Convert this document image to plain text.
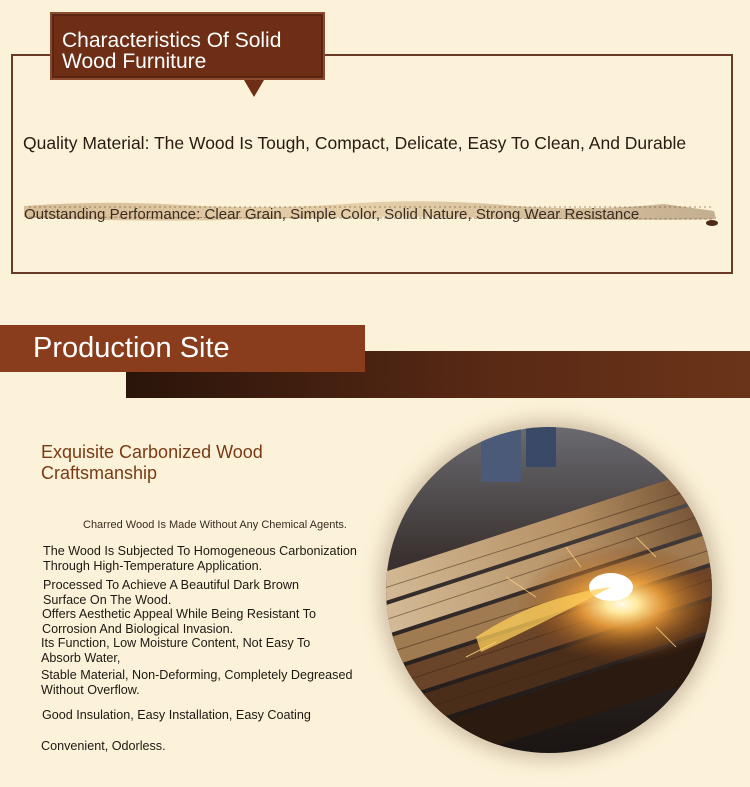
Characteristics Of Solid
Wood Furniture
Quality Material: The Wood Is Tough, Compact, Delicate, Easy To Clean, And Durable
Outstanding Performance: Clear Grain, Simple Color, Solid Nature, Strong Wear Resistance
Production Site
Exquisite Carbonized Wood
Craftsmanship
Charred Wood Is Made Without Any Chemical Agents.
The Wood Is Subjected To Homogeneous Carbonization
Through High-Temperature Application.
Processed To Achieve A Beautiful Dark Brown
Surface On The Wood.
Offers Aesthetic Appeal While Being Resistant To
Corrosion And Biological Invasion.
Its Function, Low Moisture Content, Not Easy To
Absorb Water,
Stable Material, Non-Deforming, Completely Degreased
Without Overflow.
Good Insulation, Easy Installation, Easy Coating
Convenient, Odorless.
